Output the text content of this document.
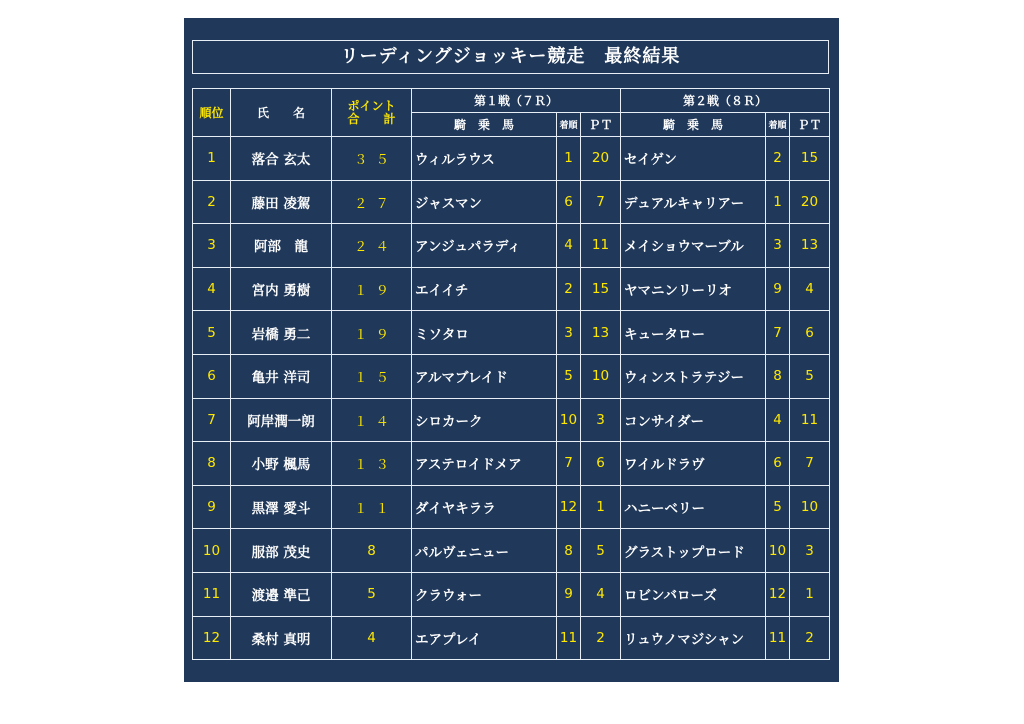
リーディングジョッキー競走　最終結果
順位	氏　　名	ポイント
合　　計	第１戦（７Ｒ）			第２戦（８Ｒ）		
			騎　乗　馬	着順	ＰＴ	騎　乗　馬	着順	ＰＴ
1	落合 玄太	３５	ウィルラウス	1	20	セイゲン	2	15
2	藤田 凌駕	２７	ジャスマン	6	7	デュアルキャリアー	1	20
3	阿部　龍	２４	アンジュパラディ	4	11	メイショウマーブル	3	13
4	宮内 勇樹	１９	エイイチ	2	15	ヤマニンリーリオ	9	4
5	岩橋 勇二	１９	ミソタロ	3	13	キュータロー	7	6
6	亀井 洋司	１５	アルマブレイド	5	10	ウィンストラテジー	8	5
7	阿岸潤一朗	１４	シロカーク	10	3	コンサイダー	4	11
8	小野 楓馬	１３	アステロイドメア	7	6	ワイルドラヴ	6	7
9	黒澤 愛斗	１１	ダイヤキララ	12	1	ハニーベリー	5	10
10	服部 茂史	8	パルヴェニュー	8	5	グラストップロード	10	3
11	渡邉 準己	5	クラウォー	9	4	ロビンバローズ	12	1
12	桑村 真明	4	エアプレイ	11	2	リュウノマジシャン	11	2
